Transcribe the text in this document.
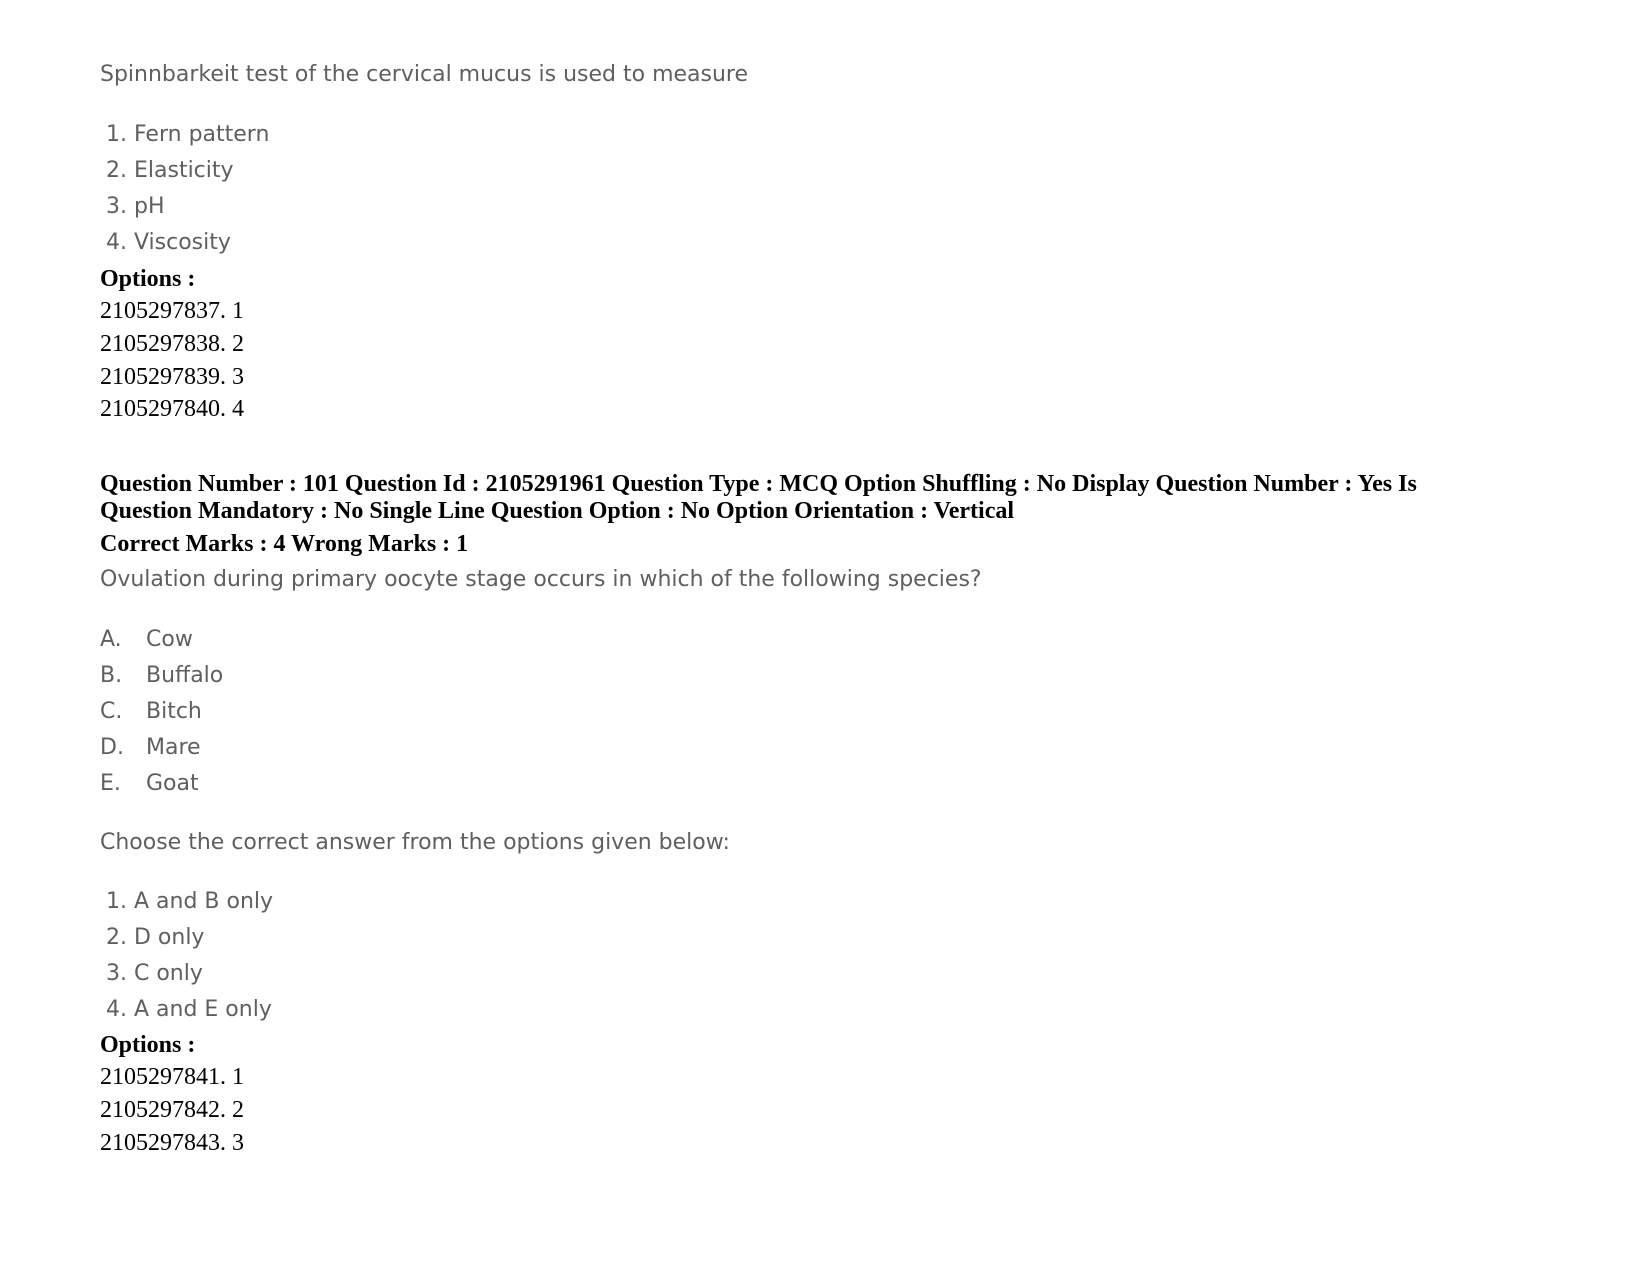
Spinnbarkeit test of the cervical mucus is used to measure
1. Fern pattern
2. Elasticity
3. pH
4. Viscosity
Options :
2105297837. 1
2105297838. 2
2105297839. 3
2105297840. 4
Question Number : 101 Question Id : 2105291961 Question Type : MCQ Option Shuffling : No Display Question Number : Yes Is
Question Mandatory : No Single Line Question Option : No Option Orientation : Vertical
Correct Marks : 4 Wrong Marks : 1
Ovulation during primary oocyte stage occurs in which of the following species?
A. Cow
B. Buffalo
C. Bitch
D. Mare
E. Goat
Choose the correct answer from the options given below:
1. A and B only
2. D only
3. C only
4. A and E only
Options :
2105297841. 1
2105297842. 2
2105297843. 3
